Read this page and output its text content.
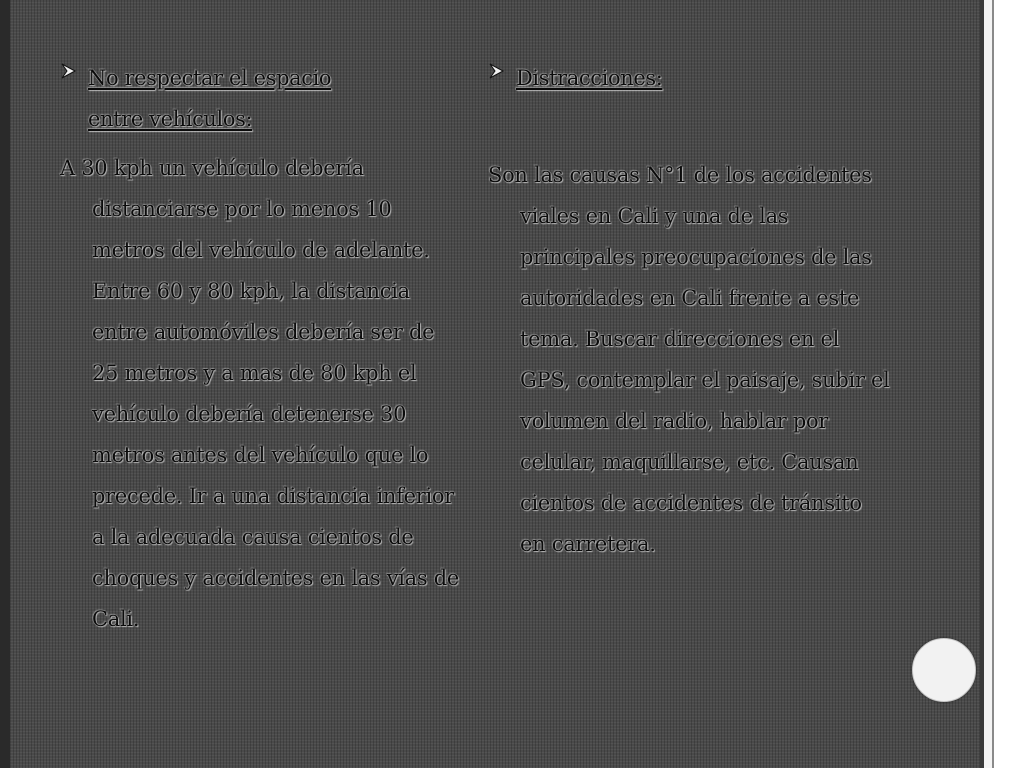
No respectar el espacio entre vehículos:
A 30 kph un vehículo debería distanciarse por lo menos 10 metros del vehículo de adelante. Entre 60 y 80 kph, la distancia entre automóviles debería ser de 25 metros y a mas de 80 kph el vehículo debería detenerse 30 metros antes del vehículo que lo precede. Ir a una distancia inferior a la adecuada causa cientos de choques y accidentes en las vías de Cali.
Distracciones:
Son las causas N°1 de los accidentes viales en Cali y una de las principales preocupaciones de las autoridades en Cali frente a este tema. Buscar direcciones en el GPS, contemplar el paisaje, subir el volumen del radio, hablar por celular, maquillarse, etc. Causan cientos de accidentes de tránsito en carretera.
